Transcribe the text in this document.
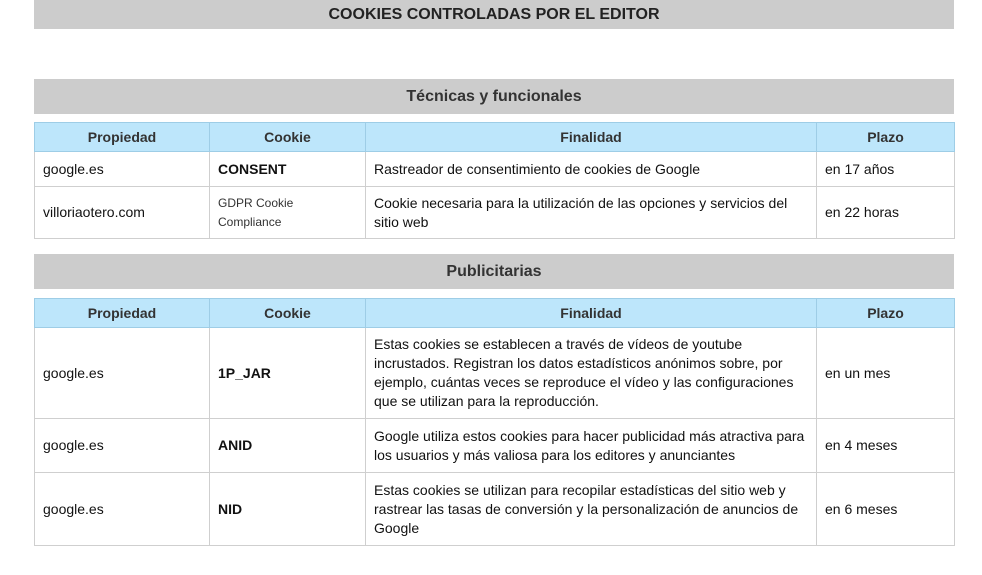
COOKIES CONTROLADAS POR EL EDITOR
Técnicas y funcionales
Propiedad	Cookie	Finalidad	Plazo
google.es	CONSENT	Rastreador de consentimiento de cookies de Google	en 17 años
villoriaotero.com	GDPR Cookie Compliance	Cookie necesaria para la utilización de las opciones y servicios del sitio web	en 22 horas
Publicitarias
Propiedad	Cookie	Finalidad	Plazo
google.es	1P_JAR	Estas cookies se establecen a través de vídeos de youtube incrustados. Registran los datos estadísticos anónimos sobre, por ejemplo, cuántas veces se reproduce el vídeo y las configuraciones que se utilizan para la reproducción.	en un mes
google.es	ANID	Google utiliza estos cookies para hacer publicidad más atractiva para los usuarios y más valiosa para los editores y anunciantes	en 4 meses
google.es	NID	Estas cookies se utilizan para recopilar estadísticas del sitio web y rastrear las tasas de conversión y la personalización de anuncios de Google	en 6 meses
